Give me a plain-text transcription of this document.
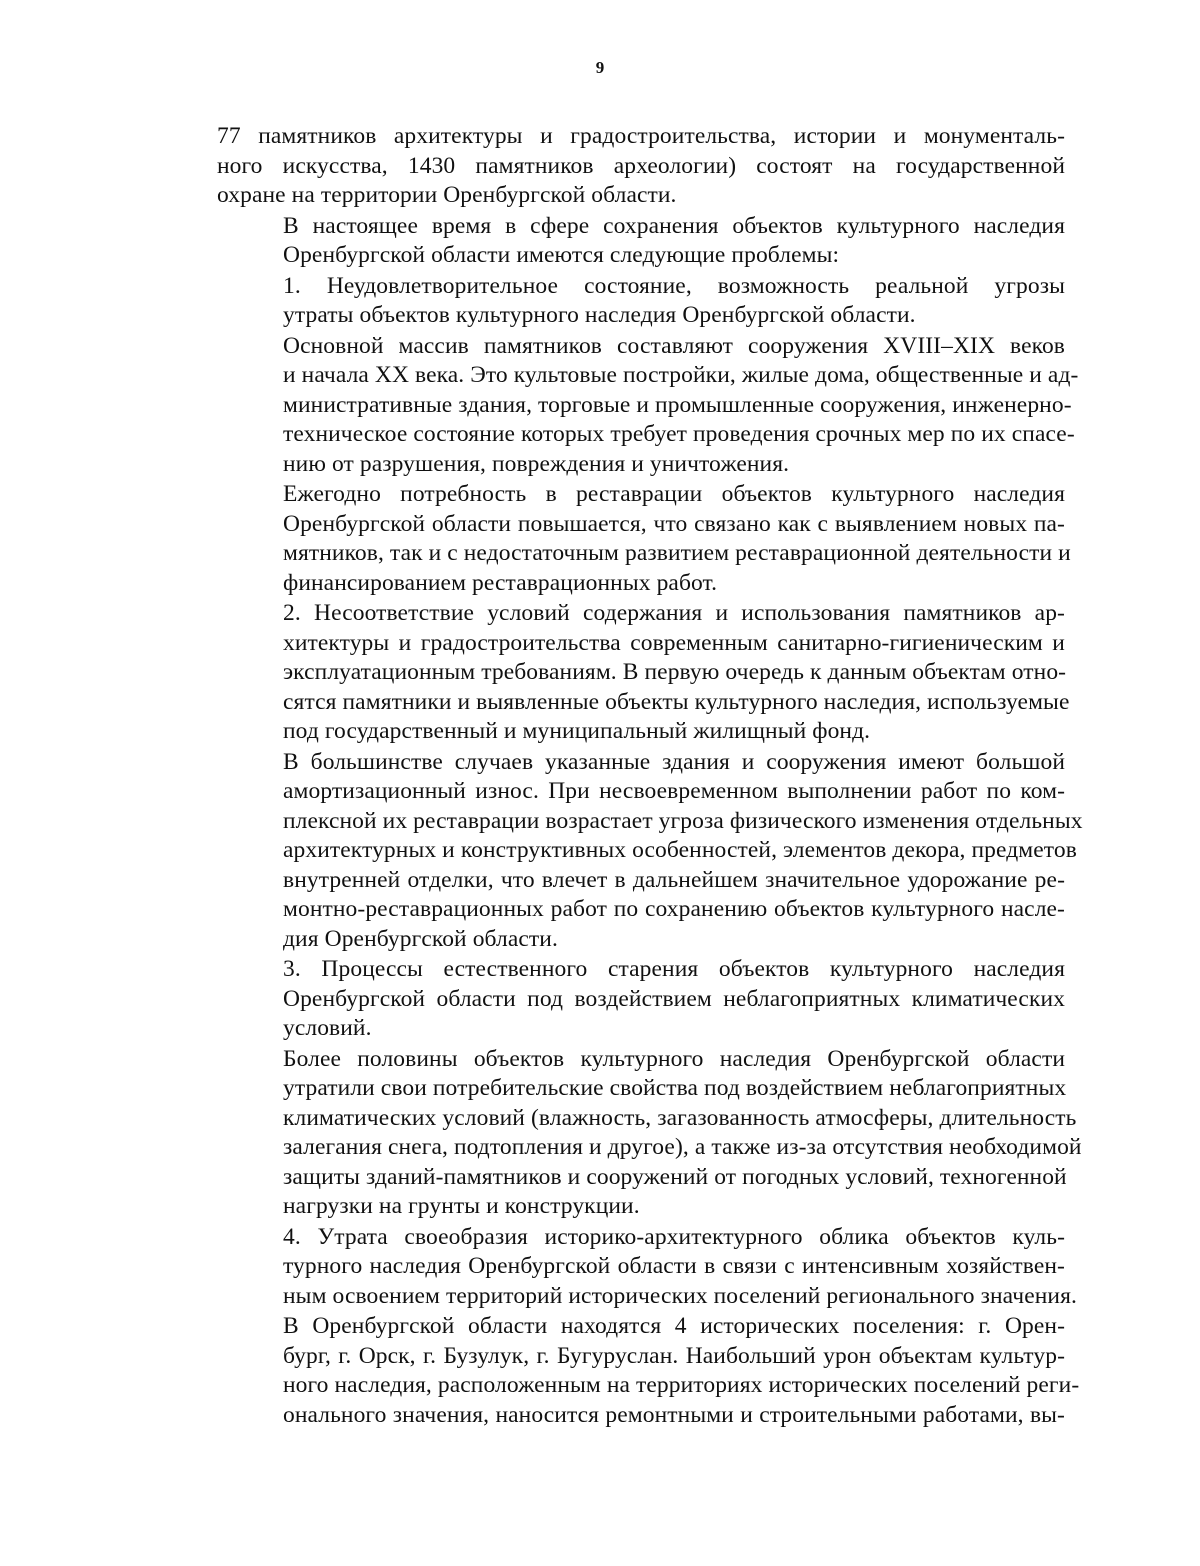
9

77 памятников архитектуры и градостроительства, истории и монументаль-
ного искусства, 1430 памятников археологии) состоят на государственной
охране на территории Оренбургской области.

В настоящее время в сфере сохранения объектов культурного наследия
Оренбургской области имеются следующие проблемы:

1. Неудовлетворительное состояние, возможность реальной угрозы
утраты объектов культурного наследия Оренбургской области.

Основной массив памятников составляют сооружения XVIII–XIX веков
и начала XX века. Это культовые постройки, жилые дома, общественные и ад-
министративные здания, торговые и промышленные сооружения, инженерно-
техническое состояние которых требует проведения срочных мер по их спасе-
нию от разрушения, повреждения и уничтожения.

Ежегодно потребность в реставрации объектов культурного наследия
Оренбургской области повышается, что связано как с выявлением новых па-
мятников, так и с недостаточным развитием реставрационной деятельности и
финансированием реставрационных работ.

2. Несоответствие условий содержания и использования памятников ар-
хитектуры и градостроительства современным санитарно-гигиеническим и
эксплуатационным требованиям. В первую очередь к данным объектам отно-
сятся памятники и выявленные объекты культурного наследия, используемые
под государственный и муниципальный жилищный фонд.

В большинстве случаев указанные здания и сооружения имеют большой
амортизационный износ. При несвоевременном выполнении работ по ком-
плексной их реставрации возрастает угроза физического изменения отдельных
архитектурных и конструктивных особенностей, элементов декора, предметов
внутренней отделки, что влечет в дальнейшем значительное удорожание ре-
монтно-реставрационных работ по сохранению объектов культурного насле-
дия Оренбургской области.

3. Процессы естественного старения объектов культурного наследия
Оренбургской области под воздействием неблагоприятных климатических
условий.

Более половины объектов культурного наследия Оренбургской области
утратили свои потребительские свойства под воздействием неблагоприятных
климатических условий (влажность, загазованность атмосферы, длительность
залегания снега, подтопления и другое), а также из-за отсутствия необходимой
защиты зданий-памятников и сооружений от погодных условий, техногенной
нагрузки на грунты и конструкции.

4. Утрата своеобразия историко-архитектурного облика объектов куль-
турного наследия Оренбургской области в связи с интенсивным хозяйствен-
ным освоением территорий исторических поселений регионального значения.

В Оренбургской области находятся 4 исторических поселения: г. Орен-
бург, г. Орск, г. Бузулук, г. Бугуруслан. Наибольший урон объектам культур-
ного наследия, расположенным на территориях исторических поселений реги-
онального значения, наносится ремонтными и строительными работами, вы-
